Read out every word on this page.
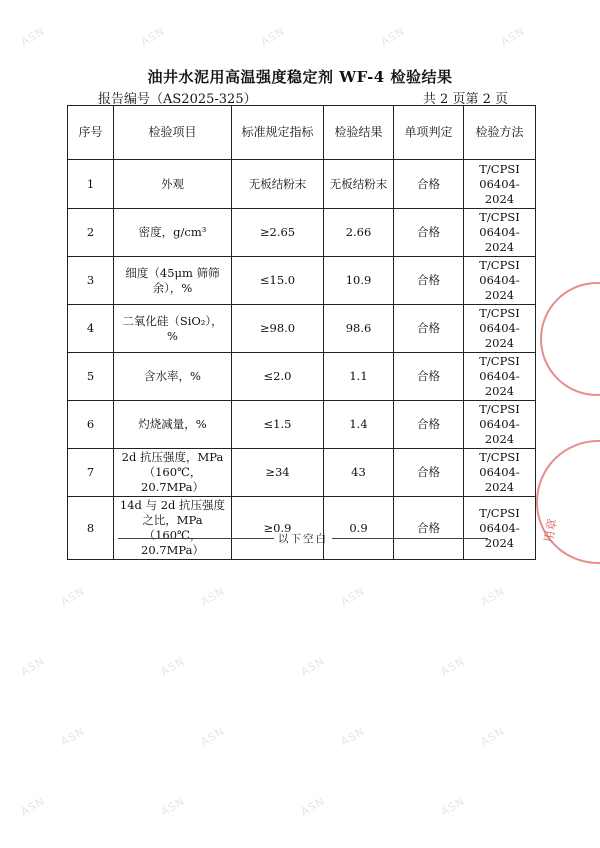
ASN	ASN	ASN	ASN	ASN
ASN	ASN	ASN	ASN
ASN	ASN	ASN	ASN
ASN	ASN	ASN	ASN
ASN	ASN	ASN	ASN
油井水泥用高温强度稳定剂 WF-4 检验结果
报告编号（AS2025-325）	共 2 页第 2 页
序号	检验项目	标准规定指标	检验结果	单项判定	检验方法
1	外观	无板结粉末	无板结粉末	合格	T/CPSI 06404-2024
2	密度，g/cm³	≥2.65	2.66	合格	T/CPSI 06404-2024
3	细度（45μm 筛筛余），%	≤15.0	10.9	合格	T/CPSI 06404-2024
4	二氧化硅（SiO₂），%	≥98.0	98.6	合格	T/CPSI 06404-2024
5	含水率，%	≤2.0	1.1	合格	T/CPSI 06404-2024
6	灼烧减量，%	≤1.5	1.4	合格	T/CPSI 06404-2024
7	2d 抗压强度，MPa（160℃，20.7MPa）	≥34	43	合格	T/CPSI 06404-2024
8	14d 与 2d 抗压强度之比，MPa（160℃，20.7MPa）	≥0.9	0.9	合格	T/CPSI 06404-2024
以下空白	用章
